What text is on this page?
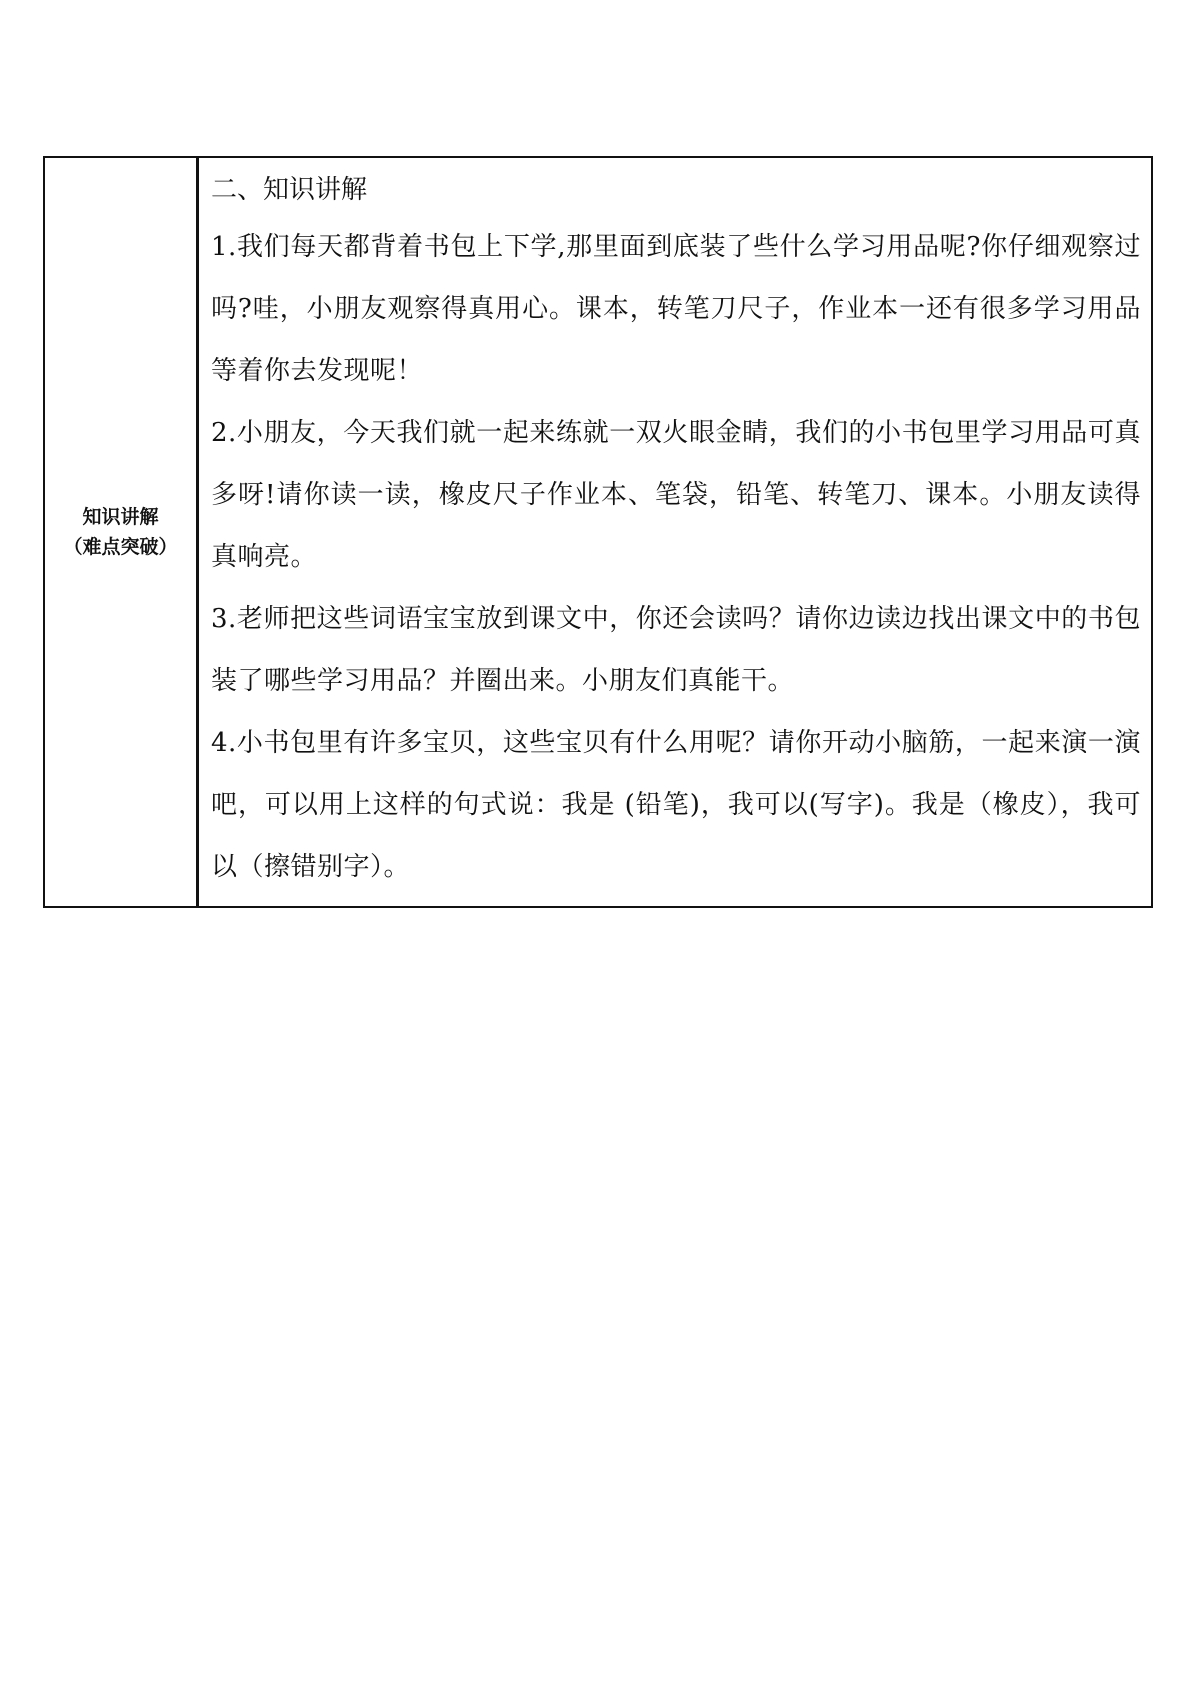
知识讲解
（难点突破）

二、知识讲解

1.我们每天都背着书包上下学,那里面到底装了些什么学习用品呢?你仔细观察过吗?哇，小朋友观察得真用心。课本，转笔刀尺子，作业本一还有很多学习用品等着你去发现呢！

2.小朋友，今天我们就一起来练就一双火眼金睛，我们的小书包里学习用品可真多呀!请你读一读，橡皮尺子作业本、笔袋，铅笔、转笔刀、课本。小朋友读得真响亮。

3.老师把这些词语宝宝放到课文中，你还会读吗？请你边读边找出课文中的书包装了哪些学习用品？并圈出来。小朋友们真能干。

4.小书包里有许多宝贝，这些宝贝有什么用呢？请你开动小脑筋，一起来演一演吧，可以用上这样的句式说：我是 (铅笔)，我可以(写字)。我是（橡皮），我可以（擦错别字）。
